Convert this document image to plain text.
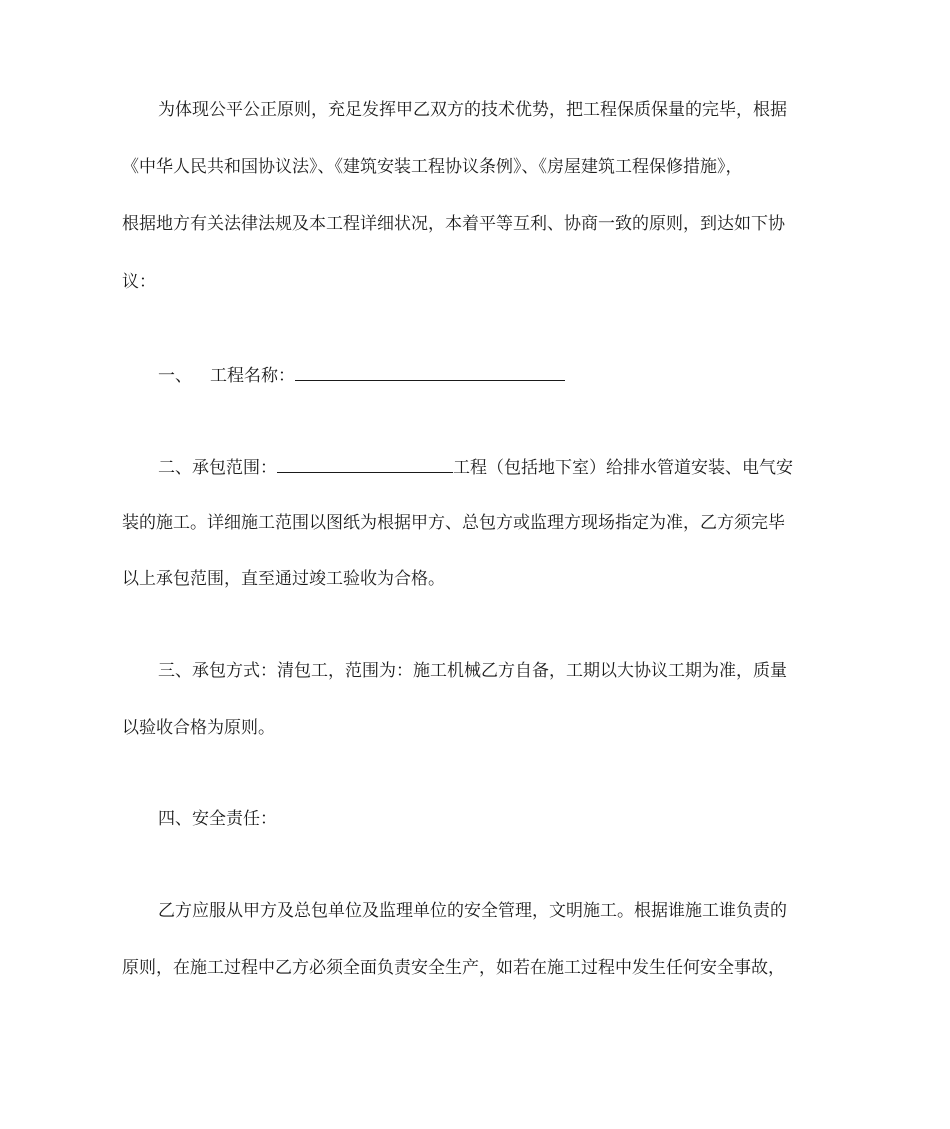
为体现公平公正原则，充足发挥甲乙双方的技术优势，把工程保质保量的完毕，根据
《中华人民共和国协议法》、《建筑安装工程协议条例》、《房屋建筑工程保修措施》，
根据地方有关法律法规及本工程详细状况，本着平等互利、协商一致的原则，到达如下协
议：
一、 工程名称：
二、承包范围：	工程（包括地下室）给排水管道安装、电气安
装的施工。详细施工范围以图纸为根据甲方、总包方或监理方现场指定为准，乙方须完毕
以上承包范围，直至通过竣工验收为合格。
三、承包方式：清包工，范围为：施工机械乙方自备，工期以大协议工期为准，质量
以验收合格为原则。
四、安全责任：
乙方应服从甲方及总包单位及监理单位的安全管理，文明施工。根据谁施工谁负责的
原则，在施工过程中乙方必须全面负责安全生产，如若在施工过程中发生任何安全事故，
